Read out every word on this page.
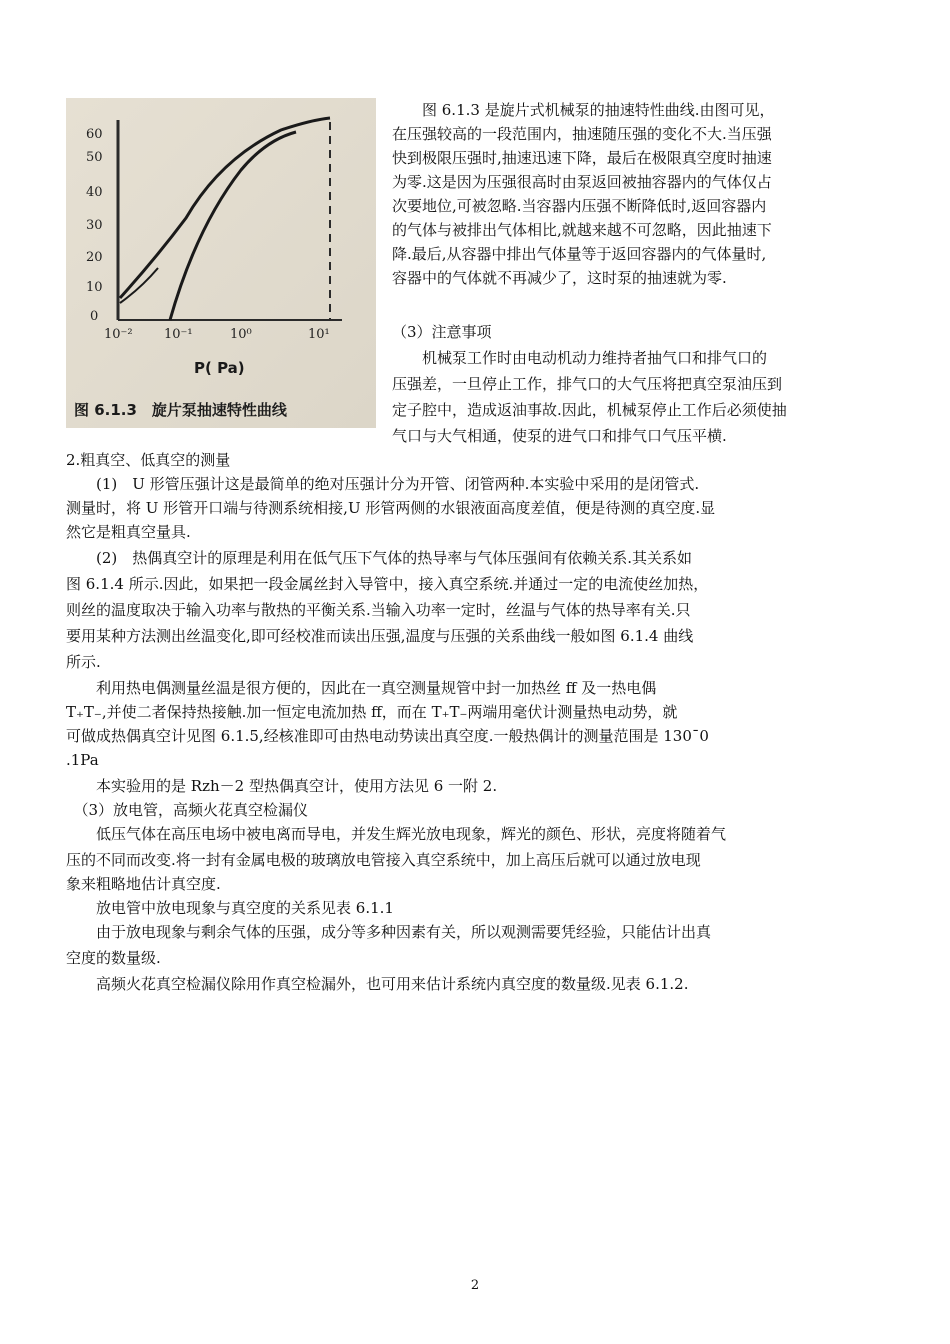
60
50
40
30
20
10
0
10⁻² 10⁻¹	10⁰	10¹
P( Pa)
图 6.1.3　旋片泵抽速特性曲线

　　图 6.1.3 是旋片式机械泵的抽速特性曲线.由图可见，

在压强较高的一段范围内，抽速随压强的变化不大.当压强

快到极限压强时,抽速迅速下降，最后在极限真空度时抽速

为零.这是因为压强很高时由泵返回被抽容器内的气体仅占

次要地位,可被忽略.当容器内压强不断降低时,返回容器内

的气体与被排出气体相比,就越来越不可忽略，因此抽速下

降.最后,从容器中排出气体量等于返回容器内的气体量时,

容器中的气体就不再减少了，这时泵的抽速就为零.

（3）注意事项

　　机械泵工作时由电动机动力维持者抽气口和排气口的

压强差，一旦停止工作，排气口的大气压将把真空泵油压到

定子腔中，造成返油事故.因此，机械泵停止工作后必须使抽

气口与大气相通，使泵的进气口和排气口气压平横.

2.粗真空、低真空的测量

　　(1)　U 形管压强计这是最简单的绝对压强计分为开管、闭管两种.本实验中采用的是闭管式.

测量时，将 U 形管开口端与待测系统相接,U 形管两侧的水银液面高度差值，便是待测的真空度.显

然它是粗真空量具.

　　(2)　热偶真空计的原理是利用在低气压下气体的热导率与气体压强间有依赖关系.其关系如

图 6.1.4 所示.因此，如果把一段金属丝封入导管中，接入真空系统.并通过一定的电流使丝加热，

则丝的温度取决于输入功率与散热的平衡关系.当输入功率一定时，丝温与气体的热导率有关.只

要用某种方法测出丝温变化,即可经校准而读出压强,温度与压强的关系曲线一般如图 6.1.4 曲线

所示.

　　利用热电偶测量丝温是很方便的，因此在一真空测量规管中封一加热丝 ff 及一热电偶

T₊T₋,并使二者保持热接触.加一恒定电流加热 ff，而在 T₊T₋两端用毫伏计测量热电动势，就

可做成热偶真空计见图 6.1.5,经核准即可由热电动势读出真空度.一般热偶计的测量范围是 130¯0

.1Pa

　　本实验用的是 Rzh－2 型热偶真空计，使用方法见 6 一附 2.

　（3）放电管，高频火花真空检漏仪

　　低压气体在高压电场中被电离而导电，并发生辉光放电现象，辉光的颜色、形状，亮度将随着气

压的不同而改变.将一封有金属电极的玻璃放电管接入真空系统中，加上高压后就可以通过放电现

象来粗略地估计真空度.

　　放电管中放电现象与真空度的关系见表 6.1.1

　　由于放电现象与剩余气体的压强，成分等多种因素有关，所以观测需要凭经验，只能估计出真

空度的数量级.

　　高频火花真空检漏仪除用作真空检漏外，也可用来估计系统内真空度的数量级.见表 6.1.2.

2
